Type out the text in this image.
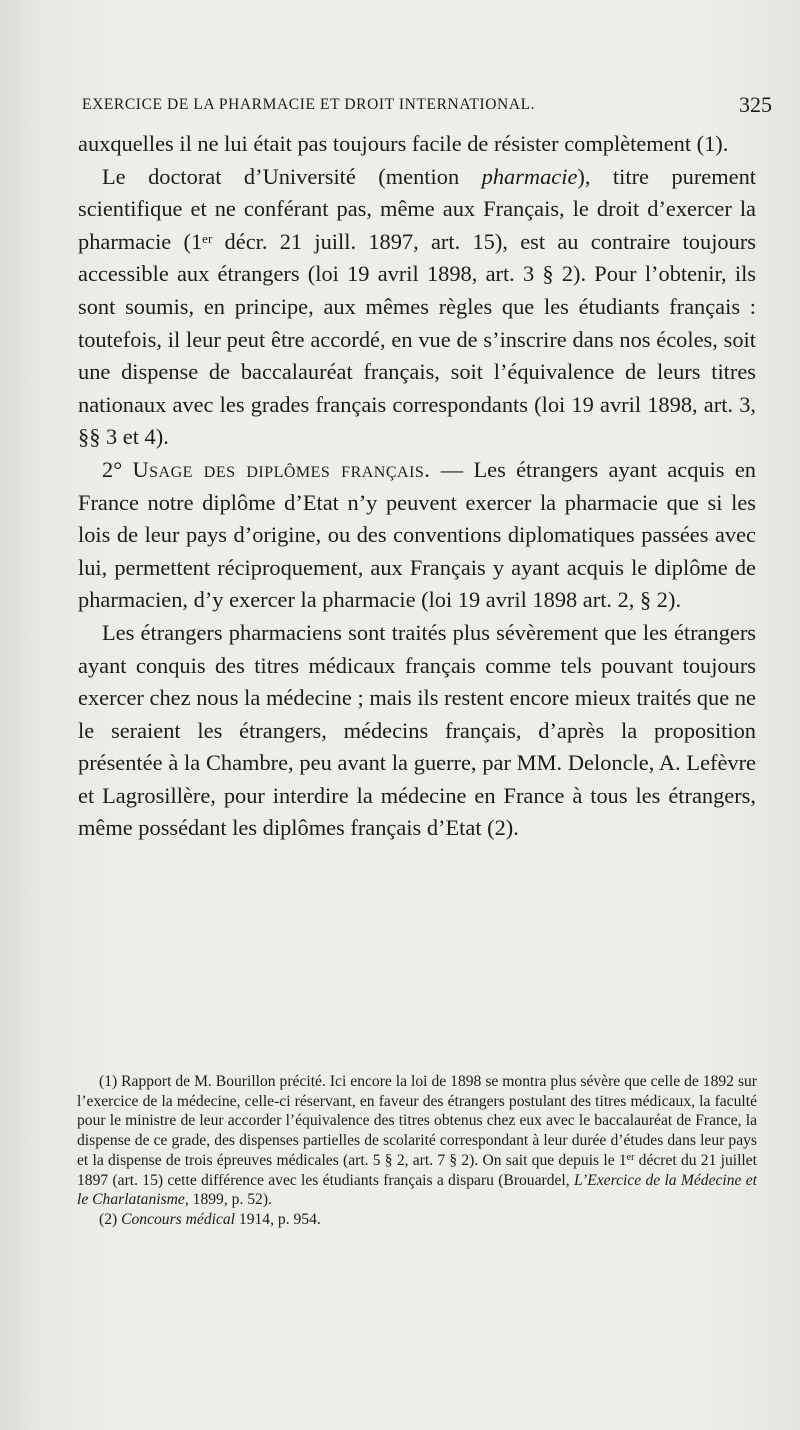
EXERCICE DE LA PHARMACIE ET DROIT INTERNATIONAL.	325

auxquelles il ne lui était pas toujours facile de résister complètement (1).

Le doctorat d’Université (mention pharmacie), titre purement scientifique et ne conférant pas, même aux Français, le droit d’exercer la pharmacie (1er décr. 21 juill. 1897, art. 15), est au contraire toujours accessible aux étrangers (loi 19 avril 1898, art. 3 § 2). Pour l’obtenir, ils sont soumis, en principe, aux mêmes règles que les étudiants français : toutefois, il leur peut être accordé, en vue de s’inscrire dans nos écoles, soit une dispense de baccalauréat français, soit l’équivalence de leurs titres nationaux avec les grades français correspondants (loi 19 avril 1898, art. 3, §§ 3 et 4).

2° Usage des diplômes français. — Les étrangers ayant acquis en France notre diplôme d’Etat n’y peuvent exercer la pharmacie que si les lois de leur pays d’origine, ou des conventions diplomatiques passées avec lui, permettent réciproquement, aux Français y ayant acquis le diplôme de pharmacien, d’y exercer la pharmacie (loi 19 avril 1898 art. 2, § 2).

Les étrangers pharmaciens sont traités plus sévèrement que les étrangers ayant conquis des titres médicaux français comme tels pouvant toujours exercer chez nous la médecine ; mais ils restent encore mieux traités que ne le seraient les étrangers, médecins français, d’après la proposition présentée à la Chambre, peu avant la guerre, par MM. Deloncle, A. Lefèvre et Lagrosillère, pour interdire la médecine en France à tous les étrangers, même possédant les diplômes français d’Etat (2).

(1) Rapport de M. Bourillon précité. Ici encore la loi de 1898 se montra plus sévère que celle de 1892 sur l’exercice de la médecine, celle-ci réservant, en faveur des étrangers postulant des titres médicaux, la faculté pour le ministre de leur accorder l’équivalence des titres obtenus chez eux avec le baccalauréat de France, la dispense de ce grade, des dispenses partielles de scolarité correspondant à leur durée d’études dans leur pays et la dispense de trois épreuves médicales (art. 5 § 2, art. 7 § 2). On sait que depuis le 1er décret du 21 juillet 1897 (art. 15) cette différence avec les étudiants français a disparu (Brouardel, L’Exercice de la Médecine et le Charlatanisme, 1899, p. 52).

(2) Concours médical 1914, p. 954.
